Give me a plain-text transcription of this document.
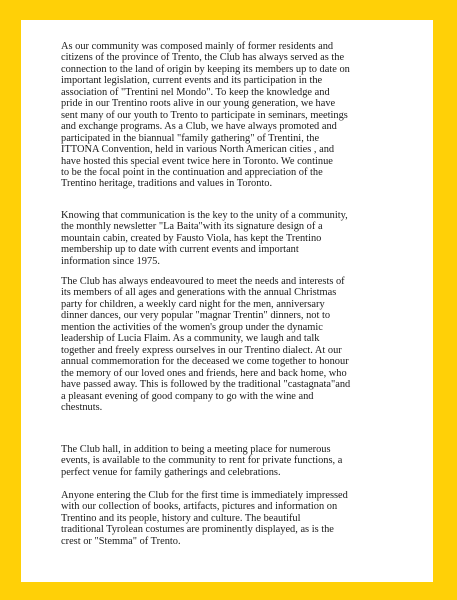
As our community was composed mainly of former residents and
citizens of the province of Trento, the Club has always served as the
connection to the land of origin by keeping its members up to date on
important legislation, current events and its participation in the
association of "Trentini nel Mondo". To keep the knowledge and
pride in our Trentino roots alive in our young generation, we have
sent many of our youth to Trento to participate in seminars, meetings
and exchange programs. As a Club, we have always promoted and
participated in the biannual "family gathering" of Trentini, the
ITTONA Convention, held in various North American cities , and
have hosted this special event twice here in Toronto. We continue
to be the focal point in the continuation and appreciation of the
Trentino heritage, traditions and values in Toronto.

Knowing that communication is the key to the unity of a community,
the monthly newsletter "La Baita"with its signature design of a
mountain cabin, created by Fausto Viola, has kept the Trentino
membership up to date with current events and important
information since 1975.

The Club has always endeavoured to meet the needs and interests of
its members of all ages and generations with the annual Christmas
party for children, a weekly card night for the men, anniversary
dinner dances, our very popular "magnar Trentin" dinners, not to
mention the activities of the women's group under the dynamic
leadership of Lucia Flaim. As a community, we laugh and talk
together and freely express ourselves in our Trentino dialect. At our
annual commemoration for the deceased we come together to honour
the memory of our loved ones and friends, here and back home, who
have passed away. This is followed by the traditional "castagnata"and
a pleasant evening of good company to go with the wine and
chestnuts.

The Club hall, in addition to being a meeting place for numerous
events, is available to the community to rent for private functions, a
perfect venue for family gatherings and celebrations.

Anyone entering the Club for the first time is immediately impressed
with our collection of books, artifacts, pictures and information on
Trentino and its people, history and culture. The beautiful
traditional Tyrolean costumes are prominently displayed, as is the
crest or "Stemma" of Trento.
